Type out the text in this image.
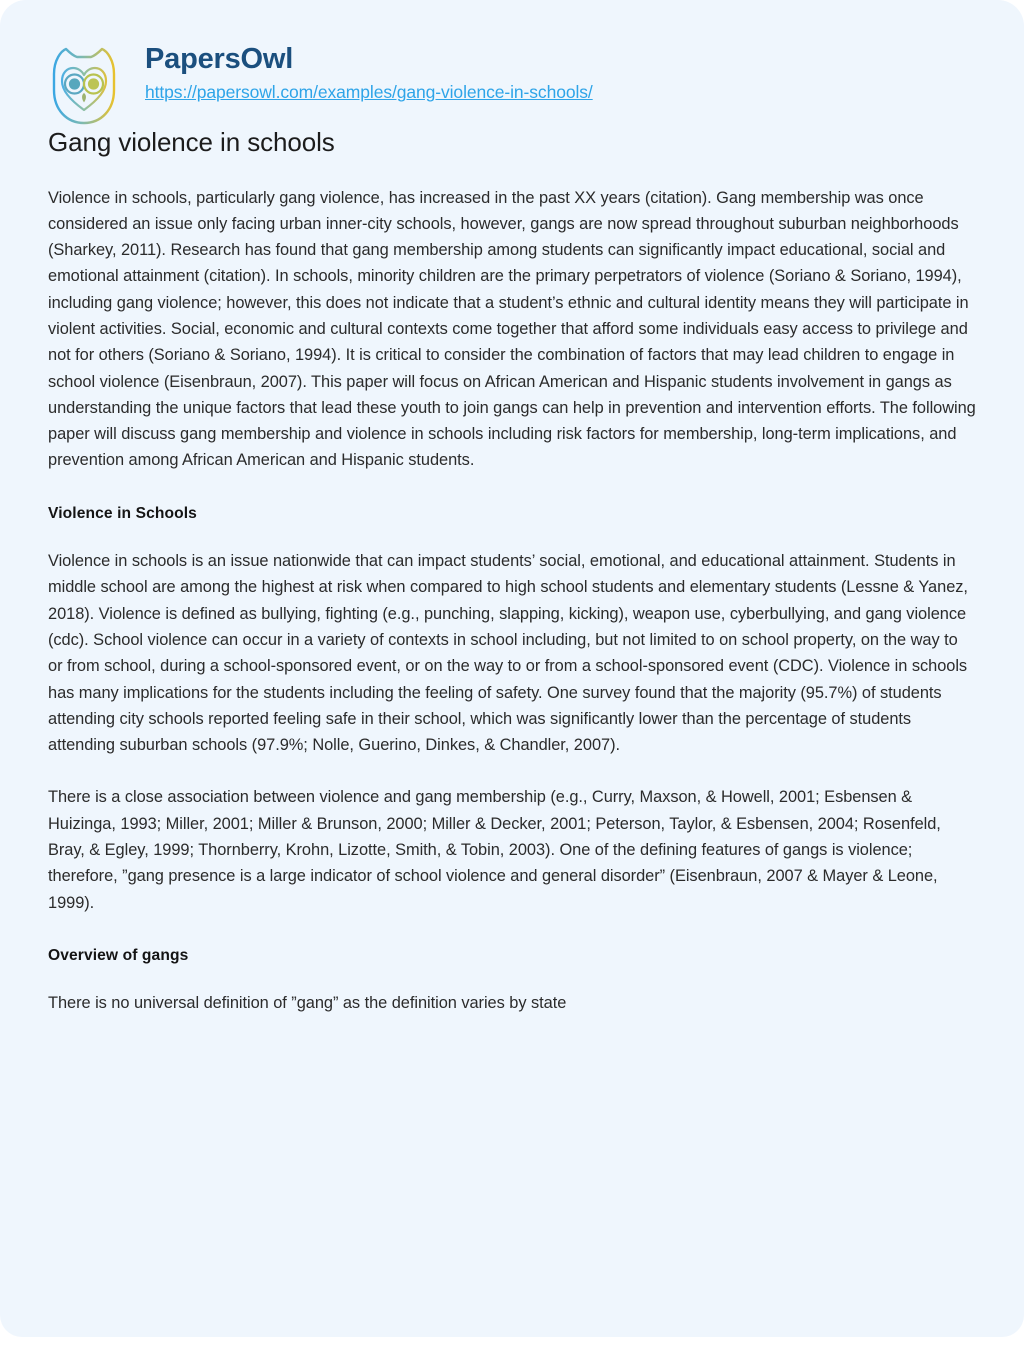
PapersOwl
https://papersowl.com/examples/gang-violence-in-schools/
Gang violence in schools

Violence in schools, particularly gang violence, has increased in the past XX years (citation). Gang membership was once considered an issue only facing urban inner-city schools, however, gangs are now spread throughout suburban neighborhoods (Sharkey, 2011). Research has found that gang membership among students can significantly impact educational, social and emotional attainment (citation). In schools, minority children are the primary perpetrators of violence (Soriano & Soriano, 1994), including gang violence; however, this does not indicate that a student’s ethnic and cultural identity means they will participate in violent activities. Social, economic and cultural contexts come together that afford some individuals easy access to privilege and not for others (Soriano & Soriano, 1994). It is critical to consider the combination of factors that may lead children to engage in school violence (Eisenbraun, 2007). This paper will focus on African American and Hispanic students involvement in gangs as understanding the unique factors that lead these youth to join gangs can help in prevention and intervention efforts. The following paper will discuss gang membership and violence in schools including risk factors for membership, long-term implications, and prevention among African American and Hispanic students.

Violence in Schools

Violence in schools is an issue nationwide that can impact students’ social, emotional, and educational attainment. Students in middle school are among the highest at risk when compared to high school students and elementary students (Lessne & Yanez, 2018). Violence is defined as bullying, fighting (e.g., punching, slapping, kicking), weapon use, cyberbullying, and gang violence (cdc). School violence can occur in a variety of contexts in school including, but not limited to on school property, on the way to or from school, during a school-sponsored event, or on the way to or from a school-sponsored event (CDC). Violence in schools has many implications for the students including the feeling of safety. One survey found that the majority (95.7%) of students attending city schools reported feeling safe in their school, which was significantly lower than the percentage of students attending suburban schools (97.9%; Nolle, Guerino, Dinkes, & Chandler, 2007).

There is a close association between violence and gang membership (e.g., Curry, Maxson, & Howell, 2001; Esbensen & Huizinga, 1993; Miller, 2001; Miller & Brunson, 2000; Miller & Decker, 2001; Peterson, Taylor, & Esbensen, 2004; Rosenfeld, Bray, & Egley, 1999; Thornberry, Krohn, Lizotte, Smith, & Tobin, 2003). One of the defining features of gangs is violence; therefore, ”gang presence is a large indicator of school violence and general disorder” (Eisenbraun, 2007 & Mayer & Leone, 1999).

Overview of gangs

There is no universal definition of ”gang” as the definition varies by state
